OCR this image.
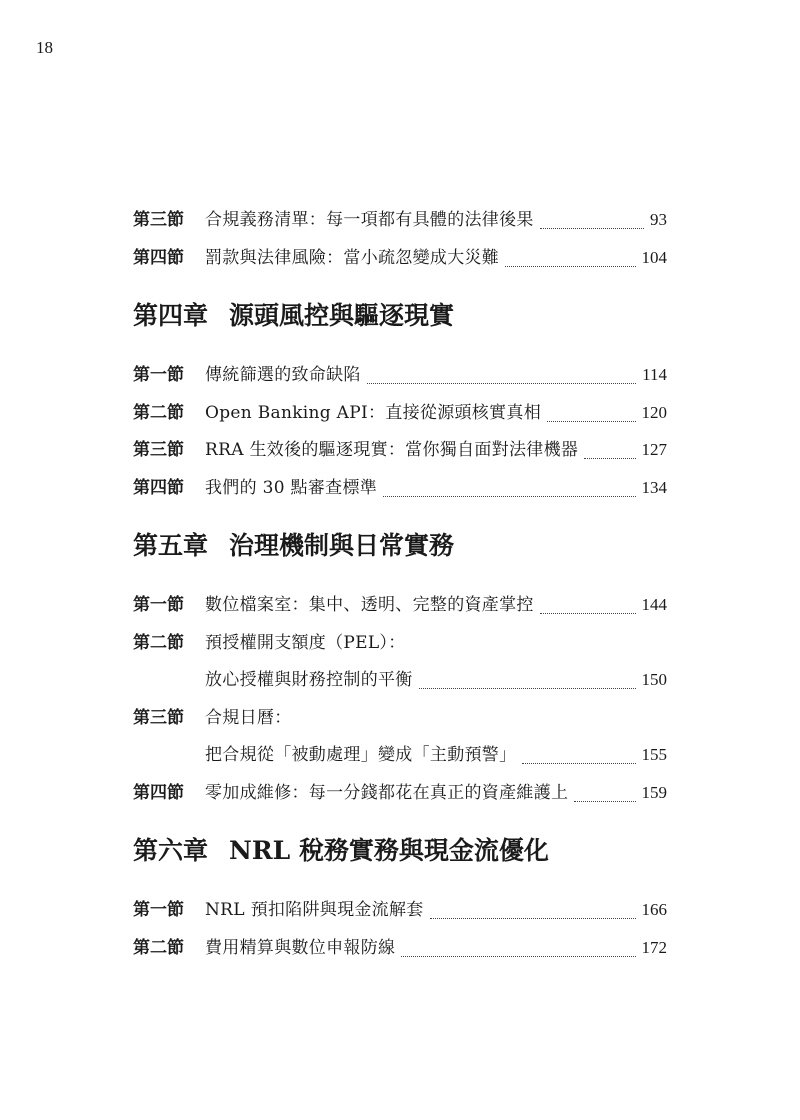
18
第三節	合規義務清單：每一項都有具體的法律後果	93
第四節	罰款與法律風險：當小疏忽變成大災難	104
第四章 源頭風控與驅逐現實
第一節	傳統篩選的致命缺陷	114
第二節	Open Banking API：直接從源頭核實真相	120
第三節	RRA 生效後的驅逐現實：當你獨自面對法律機器	127
第四節	我們的 30 點審查標準	134
第五章 治理機制與日常實務
第一節	數位檔案室：集中、透明、完整的資產掌控	144
第二節	預授權開支額度（PEL）：
放心授權與財務控制的平衡	150
第三節	合規日曆：
把合規從「被動處理」變成「主動預警」	155
第四節	零加成維修：每一分錢都花在真正的資產維護上	159
第六章 NRL 稅務實務與現金流優化
第一節	NRL 預扣陷阱與現金流解套	166
第二節	費用精算與數位申報防線	172
